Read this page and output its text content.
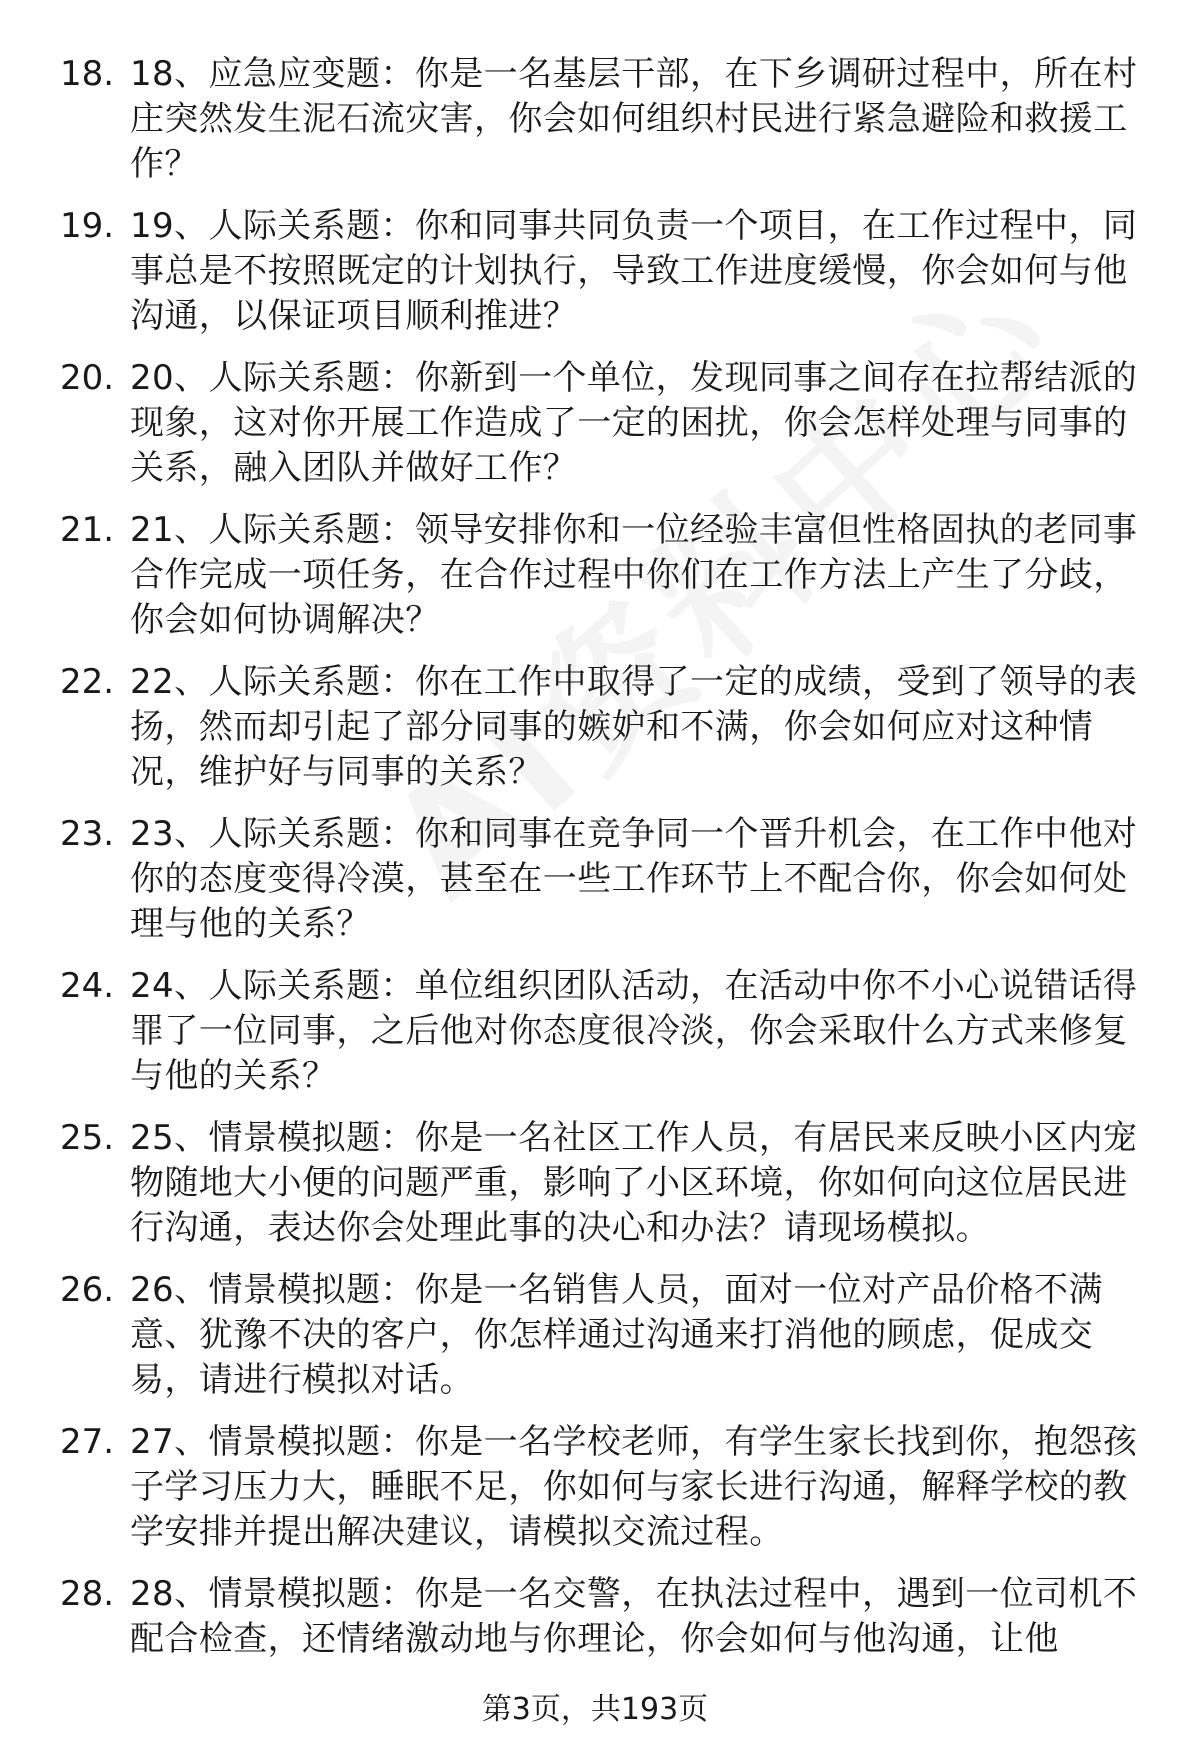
18. 18、应急应变题：你是一名基层干部，在下乡调研过程中，所在村庄突然发生泥石流灾害，你会如何组织村民进行紧急避险和救援工作？
19. 19、人际关系题：你和同事共同负责一个项目，在工作过程中，同事总是不按照既定的计划执行，导致工作进度缓慢，你会如何与他沟通，以保证项目顺利推进？
20. 20、人际关系题：你新到一个单位，发现同事之间存在拉帮结派的现象，这对你开展工作造成了一定的困扰，你会怎样处理与同事的关系，融入团队并做好工作？
21. 21、人际关系题：领导安排你和一位经验丰富但性格固执的老同事合作完成一项任务，在合作过程中你们在工作方法上产生了分歧，你会如何协调解决？
22. 22、人际关系题：你在工作中取得了一定的成绩，受到了领导的表扬，然而却引起了部分同事的嫉妒和不满，你会如何应对这种情况，维护好与同事的关系？
23. 23、人际关系题：你和同事在竞争同一个晋升机会，在工作中他对你的态度变得冷漠，甚至在一些工作环节上不配合你，你会如何处理与他的关系？
24. 24、人际关系题：单位组织团队活动，在活动中你不小心说错话得罪了一位同事，之后他对你态度很冷淡，你会采取什么方式来修复与他的关系？
25. 25、情景模拟题：你是一名社区工作人员，有居民来反映小区内宠物随地大小便的问题严重，影响了小区环境，你如何向这位居民进行沟通，表达你会处理此事的决心和办法？请现场模拟。
26. 26、情景模拟题：你是一名销售人员，面对一位对产品价格不满意、犹豫不决的客户，你怎样通过沟通来打消他的顾虑，促成交易，请进行模拟对话。
27. 27、情景模拟题：你是一名学校老师，有学生家长找到你，抱怨孩子学习压力大，睡眠不足，你如何与家长进行沟通，解释学校的教学安排并提出解决建议，请模拟交流过程。
28. 28、情景模拟题：你是一名交警，在执法过程中，遇到一位司机不配合检查，还情绪激动地与你理论，你会如何与他沟通，让他
第3页，共193页
